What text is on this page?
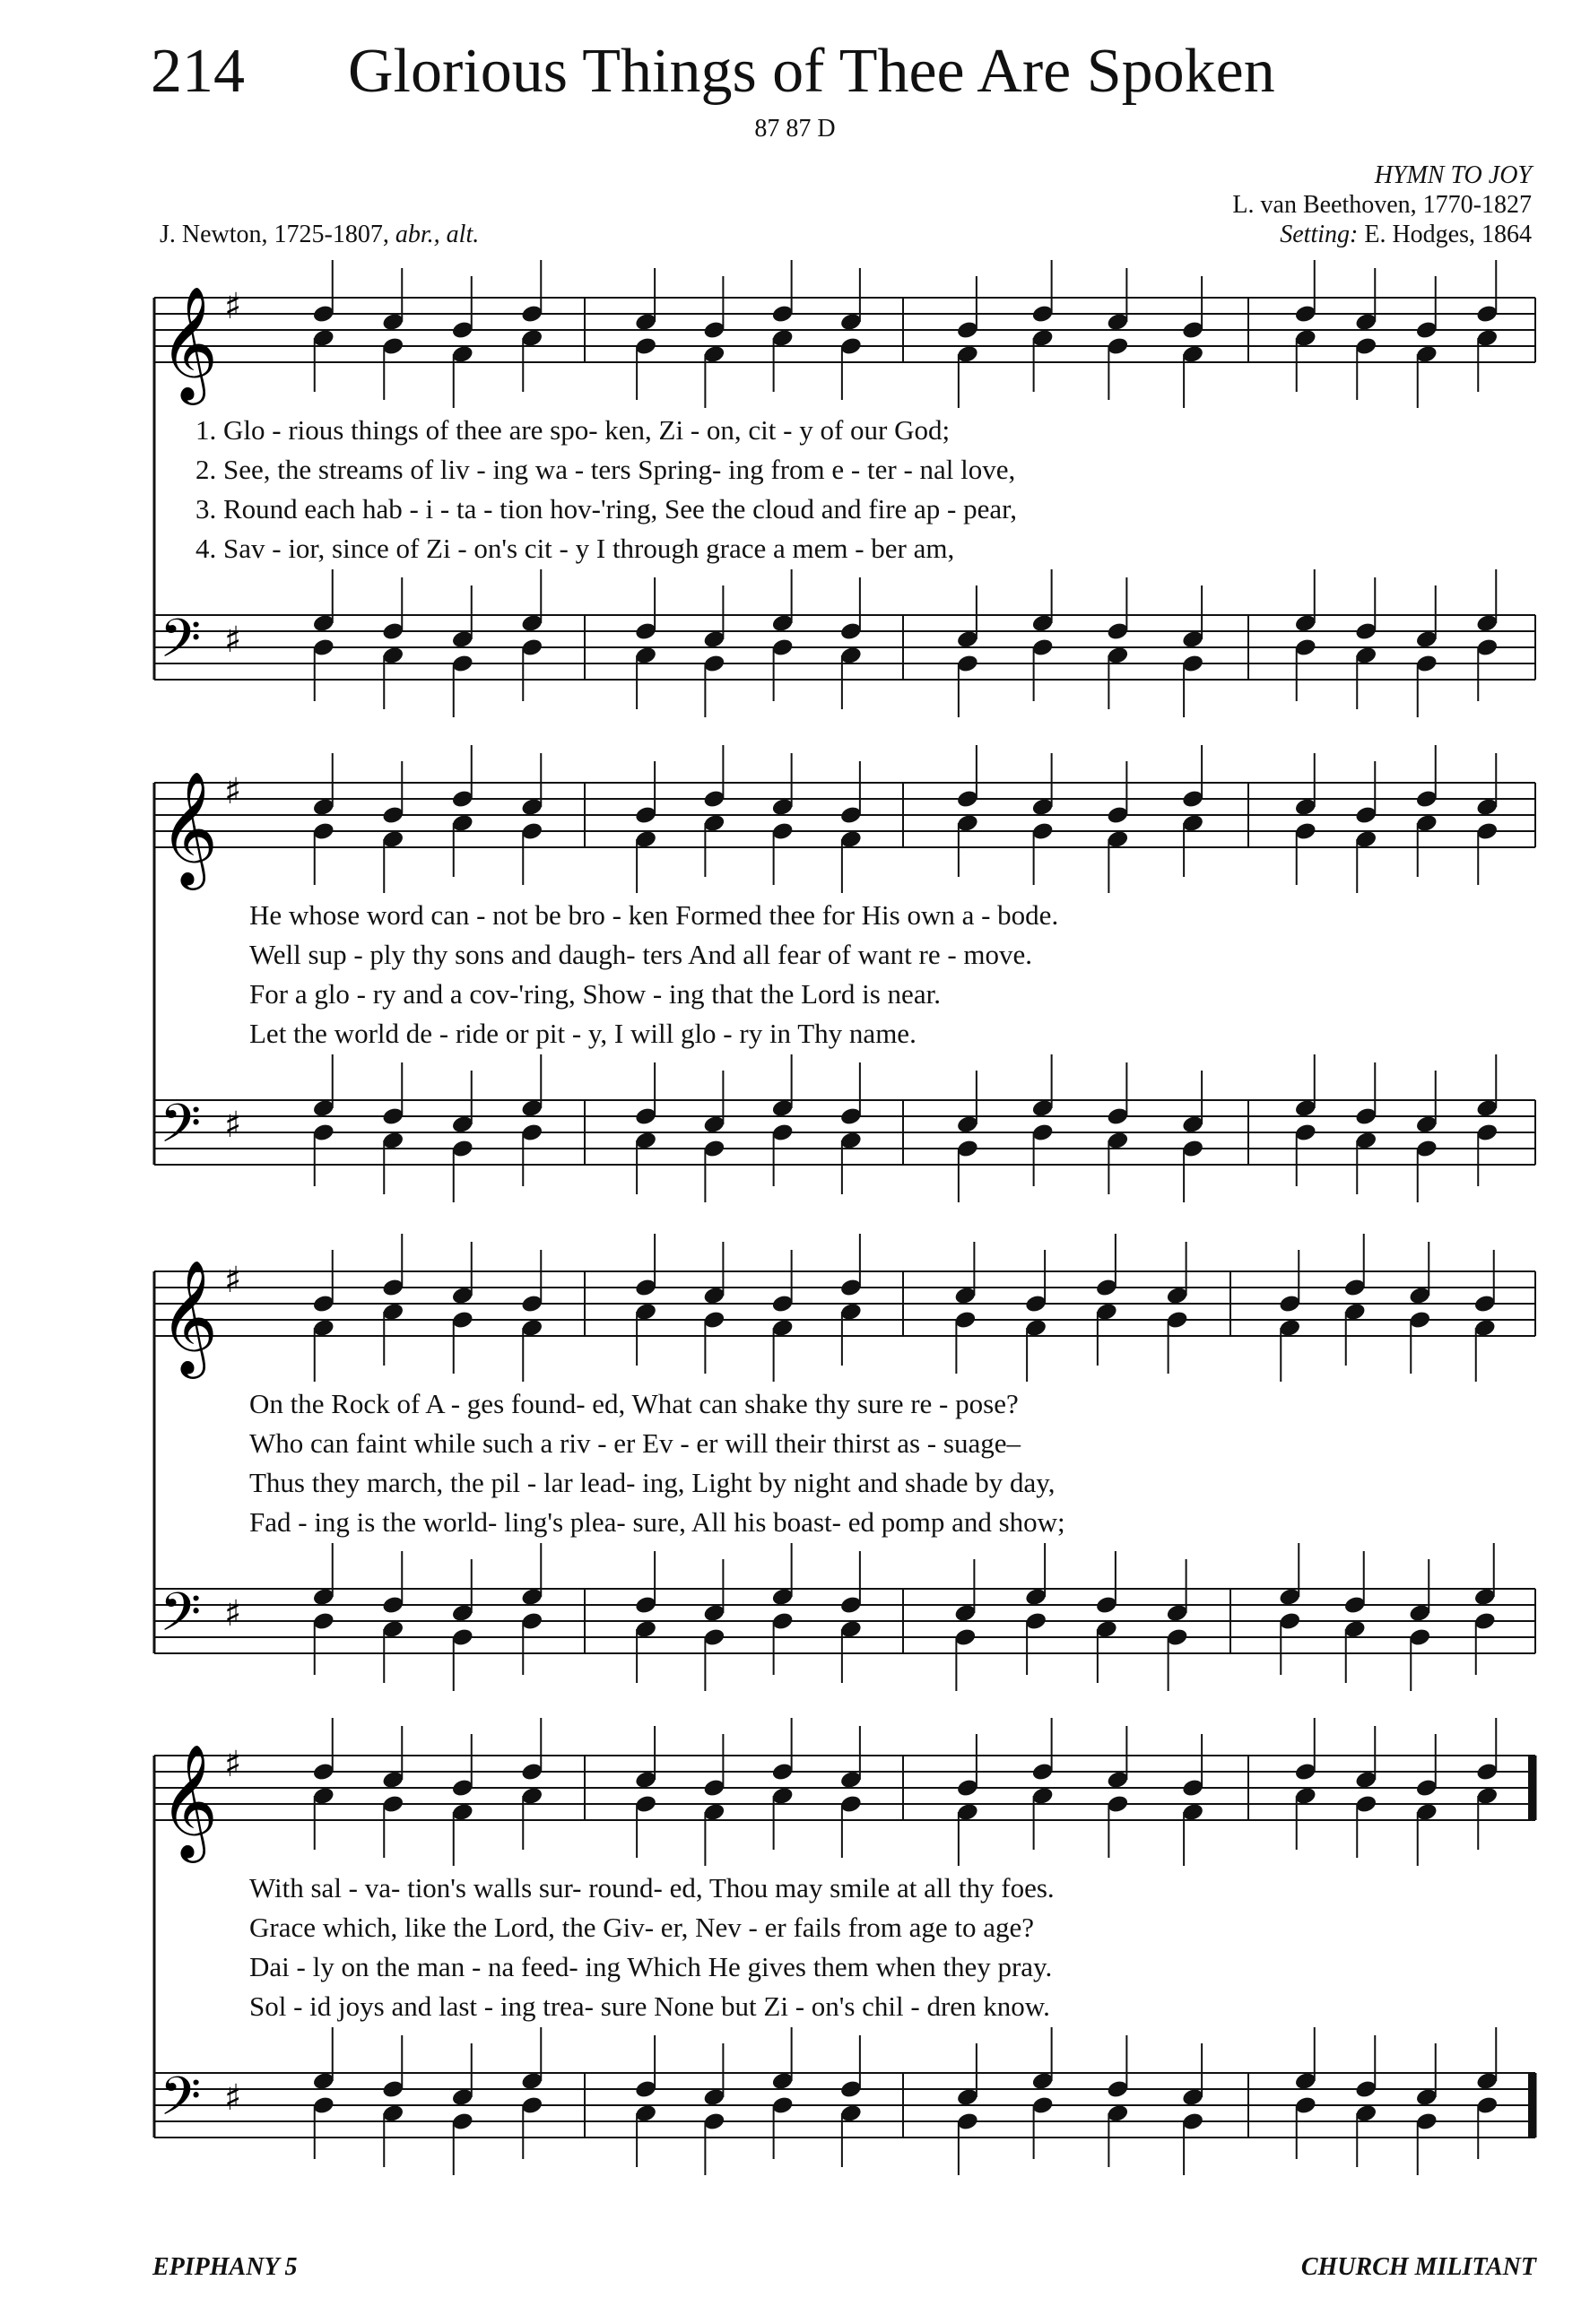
214 Glorious Things of Thee Are Spoken
87 87 D
HYMN TO JOY
L. van Beethoven, 1770-1827
Setting: E. Hodges, 1864
J. Newton, 1725-1807, abr., alt.
𝄞 ♯
𝄢 ♯
1. Glo - rious things of thee are spo- ken, Zi - on, cit - y of our God;
2. See, the streams of liv - ing wa - ters Spring- ing from e - ter - nal love,
3. Round each hab - i - ta - tion hov-'ring, See the cloud and fire ap - pear,
4. Sav - ior, since of Zi - on's cit - y I through grace a mem - ber am,
𝄞 ♯
𝄢 ♯
He whose word can - not be bro - ken Formed thee for His own a - bode.
Well sup - ply thy sons and daugh- ters And all fear of want re - move.
For a glo - ry and a cov-'ring, Show - ing that the Lord is near.
Let the world de - ride or pit - y, I will glo - ry in Thy name.
𝄞 ♯
𝄢 ♯
On the Rock of A - ges found- ed, What can shake thy sure re - pose?
Who can faint while such a riv - er Ev - er will their thirst as - suage–
Thus they march, the pil - lar lead- ing, Light by night and shade by day,
Fad - ing is the world- ling's plea- sure, All his boast- ed pomp and show;
𝄞 ♯
𝄢 ♯
With sal - va- tion's walls sur- round- ed, Thou may smile at all thy foes.
Grace which, like the Lord, the Giv- er, Nev - er fails from age to age?
Dai - ly on the man - na feed- ing Which He gives them when they pray.
Sol - id joys and last - ing trea- sure None but Zi - on's chil - dren know.
EPIPHANY 5	CHURCH MILITANT
